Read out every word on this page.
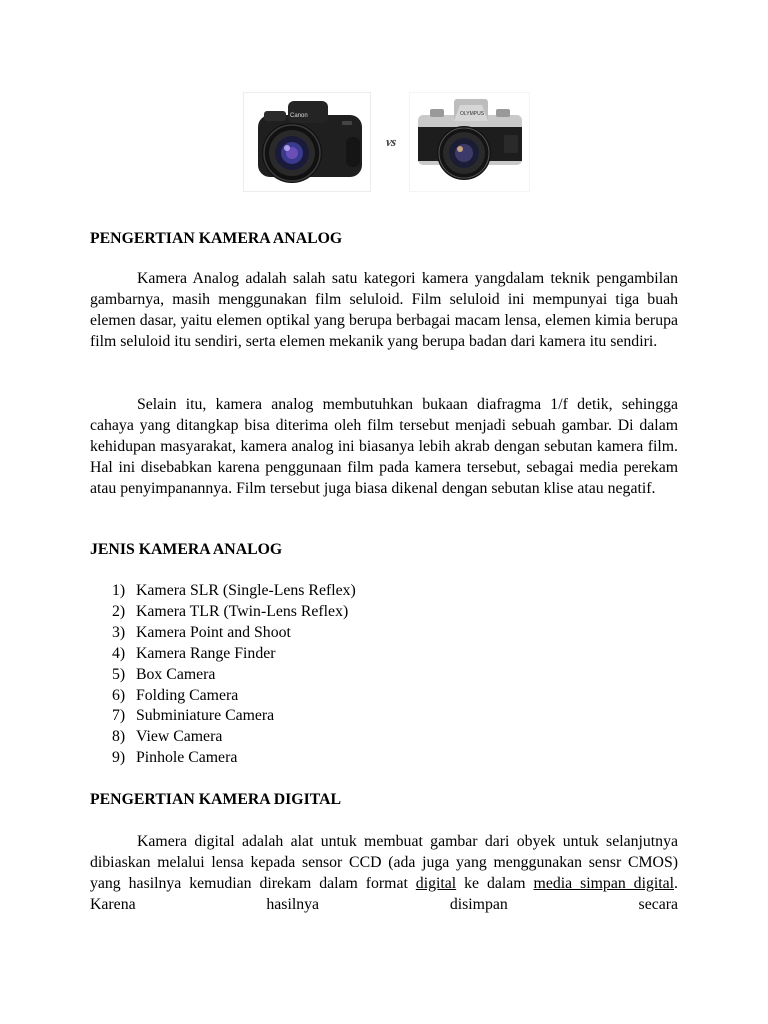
Canon
vs
OLYMPUS
PENGERTIAN KAMERA ANALOG

Kamera Analog adalah salah satu kategori kamera yangdalam teknik pengambilan gambarnya, masih menggunakan film seluloid. Film seluloid ini mempunyai tiga buah elemen dasar, yaitu elemen optikal yang berupa berbagai macam lensa, elemen kimia berupa film seluloid itu sendiri, serta elemen mekanik yang berupa badan dari kamera itu sendiri.

Selain itu, kamera analog membutuhkan bukaan diafragma 1/f detik, sehingga cahaya yang ditangkap bisa diterima oleh film tersebut menjadi sebuah gambar. Di dalam kehidupan masyarakat, kamera analog ini biasanya lebih akrab dengan sebutan kamera film. Hal ini disebabkan karena penggunaan film pada kamera tersebut, sebagai media perekam atau penyimpanannya. Film tersebut juga biasa dikenal dengan sebutan klise atau negatif.

JENIS KAMERA ANALOG
1) Kamera SLR (Single-Lens Reflex)
2) Kamera TLR (Twin-Lens Reflex)
3) Kamera Point and Shoot
4) Kamera Range Finder
5) Box Camera
6) Folding Camera
7) Subminiature Camera
8) View Camera
9) Pinhole Camera
PENGERTIAN KAMERA DIGITAL

Kamera digital adalah alat untuk membuat gambar dari obyek untuk selanjutnya dibiaskan melalui lensa kepada sensor CCD (ada juga yang menggunakan sensr CMOS) yang hasilnya kemudian direkam dalam format digital ke dalam media simpan digital. Karena hasilnya disimpan secara
